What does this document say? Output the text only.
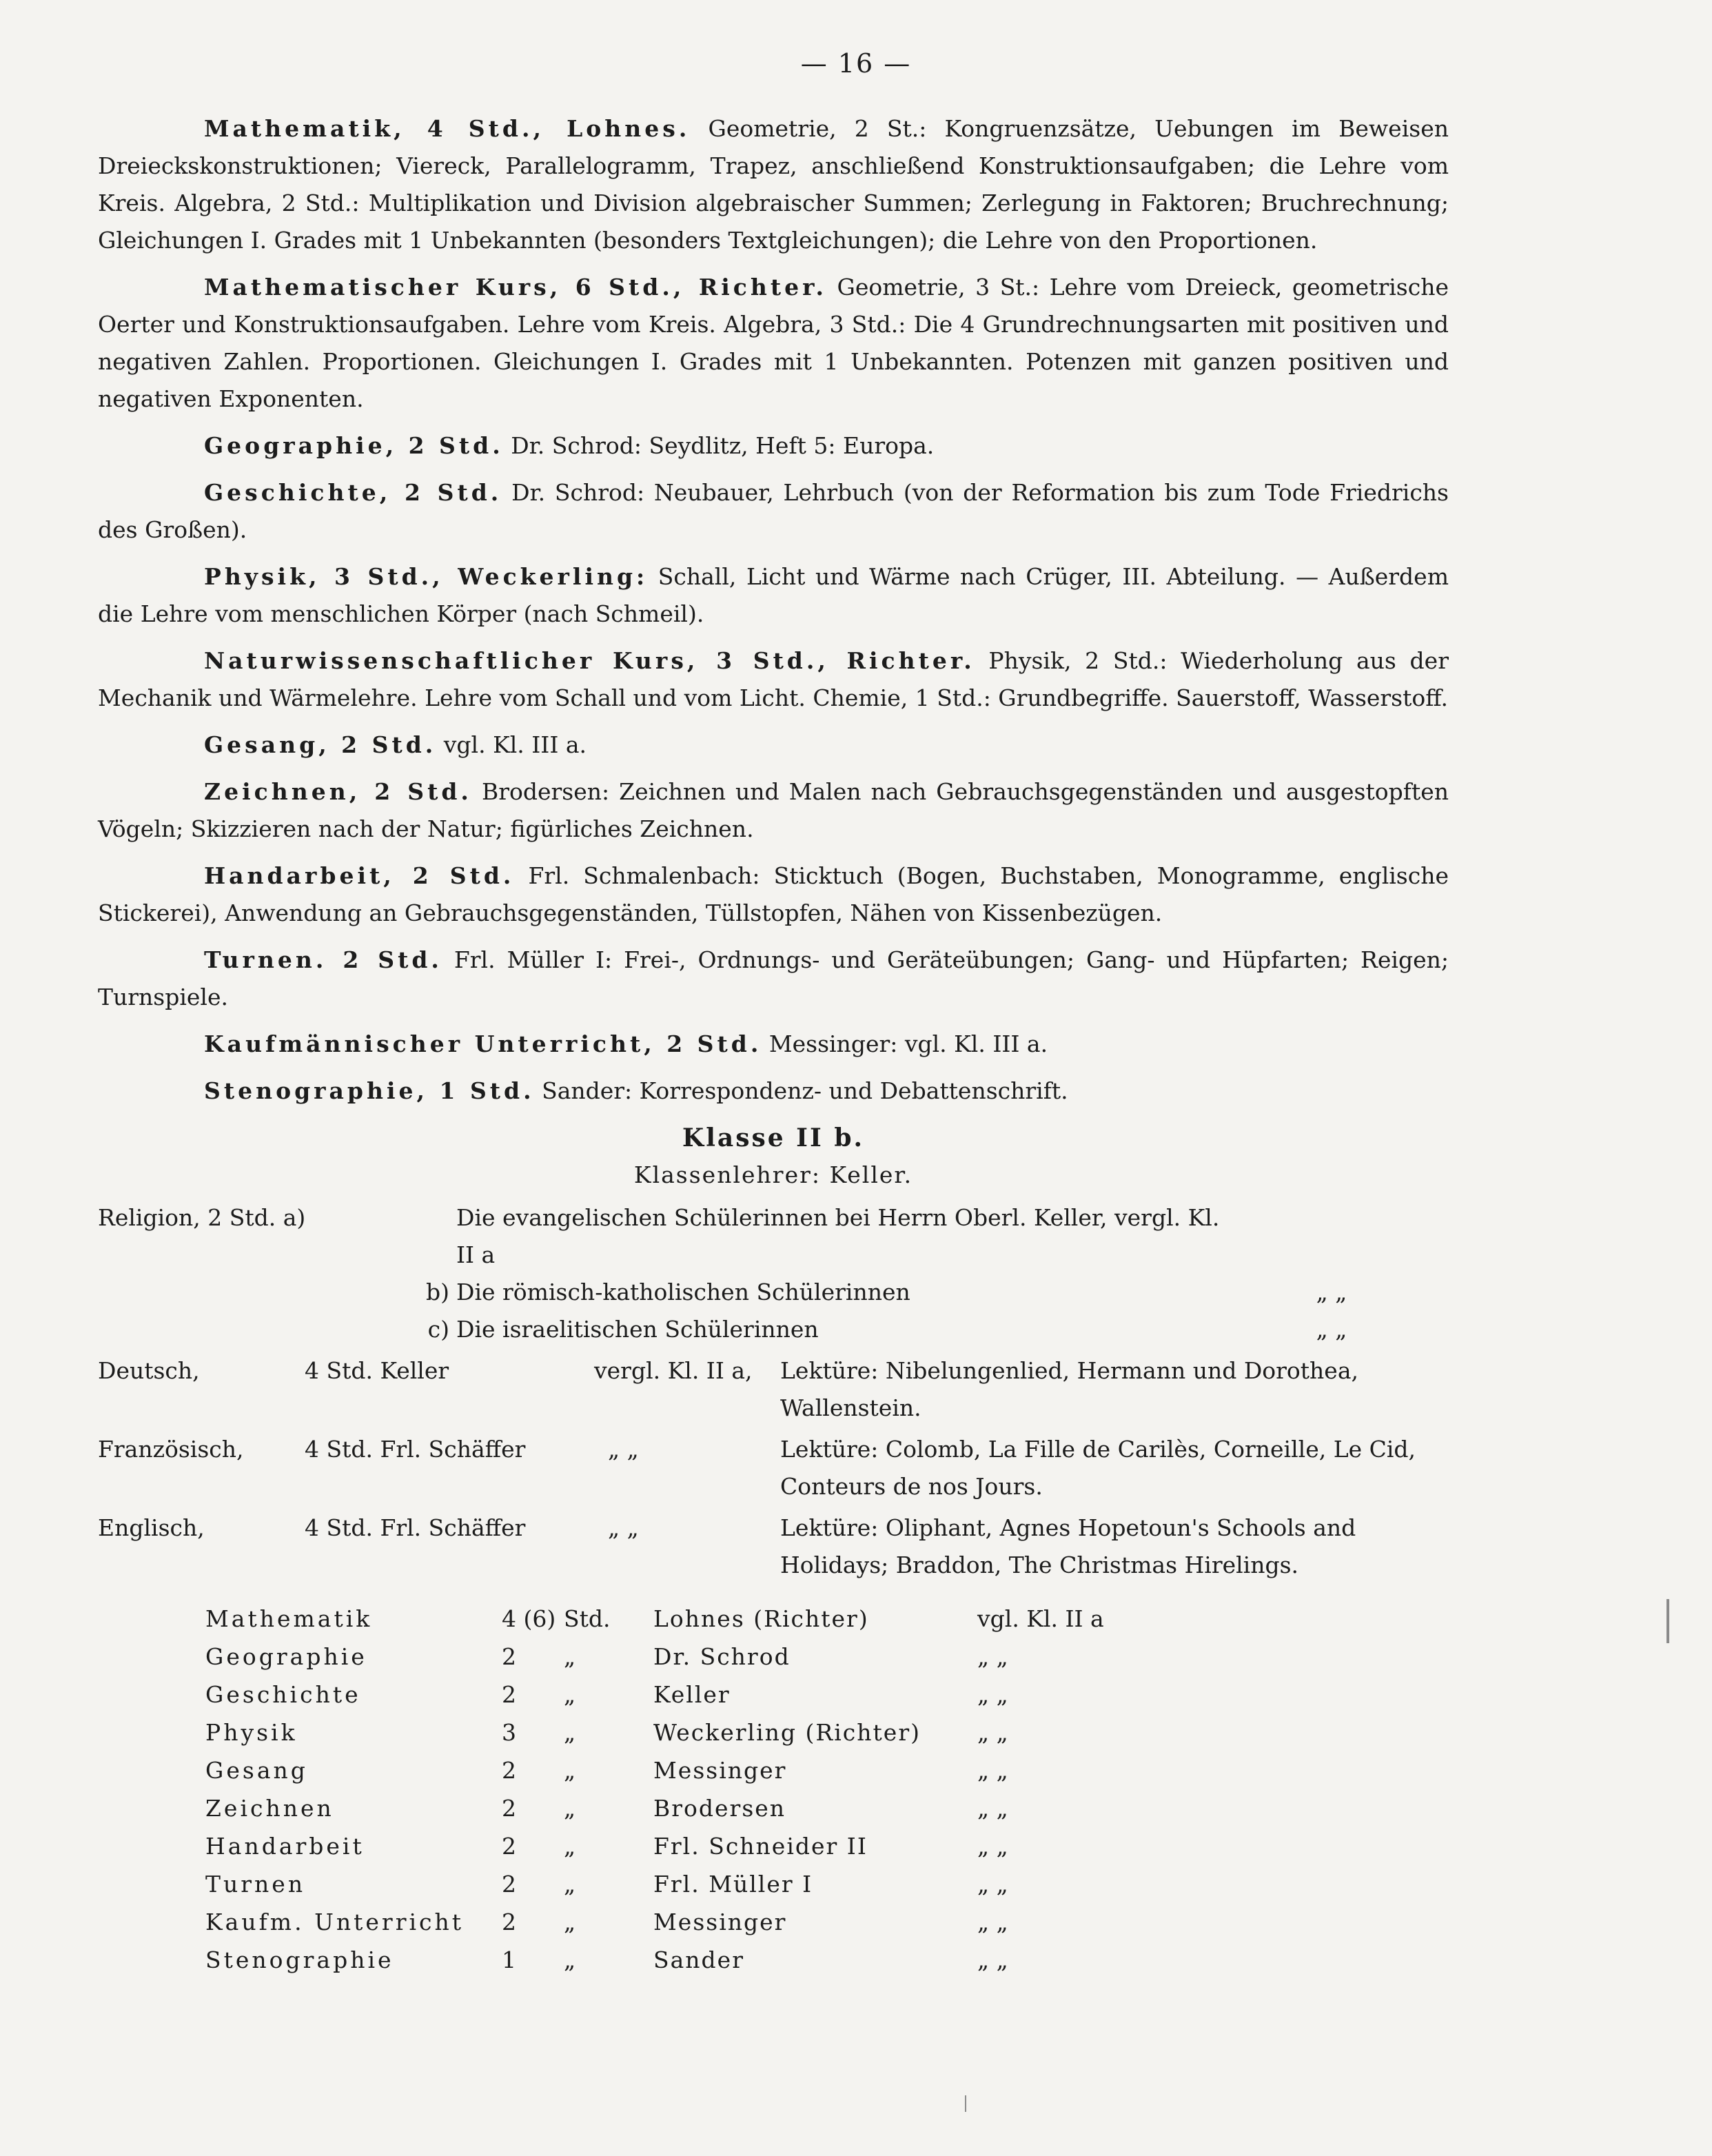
— 16 —

Mathematik, 4 Std., Lohnes. Geometrie, 2 St.: Kongruenzsätze, Uebungen im Beweisen Dreieckskonstruktionen; Viereck, Parallelogramm, Trapez, anschließend Konstruktionsaufgaben; die Lehre vom Kreis. Algebra, 2 Std.: Multiplikation und Division algebraischer Summen; Zerlegung in Faktoren; Bruchrechnung; Gleichungen I. Grades mit 1 Unbekannten (besonders Textgleichungen); die Lehre von den Proportionen.

Mathematischer Kurs, 6 Std., Richter. Geometrie, 3 St.: Lehre vom Dreieck, geometrische Oerter und Konstruktionsaufgaben. Lehre vom Kreis. Algebra, 3 Std.: Die 4 Grundrechnungsarten mit positiven und negativen Zahlen. Proportionen. Gleichungen I. Grades mit 1 Unbekannten. Potenzen mit ganzen positiven und negativen Exponenten.

Geographie, 2 Std. Dr. Schrod: Seydlitz, Heft 5: Europa.

Geschichte, 2 Std. Dr. Schrod: Neubauer, Lehrbuch (von der Reformation bis zum Tode Friedrichs des Großen).

Physik, 3 Std., Weckerling: Schall, Licht und Wärme nach Crüger, III. Abteilung. — Außerdem die Lehre vom menschlichen Körper (nach Schmeil).

Naturwissenschaftlicher Kurs, 3 Std., Richter. Physik, 2 Std.: Wiederholung aus der Mechanik und Wärmelehre. Lehre vom Schall und vom Licht. Chemie, 1 Std.: Grundbegriffe. Sauerstoff, Wasserstoff.

Gesang, 2 Std. vgl. Kl. III a.

Zeichnen, 2 Std. Brodersen: Zeichnen und Malen nach Gebrauchsgegenständen und ausgestopften Vögeln; Skizzieren nach der Natur; figürliches Zeichnen.

Handarbeit, 2 Std. Frl. Schmalenbach: Sticktuch (Bogen, Buchstaben, Monogramme, englische Stickerei), Anwendung an Gebrauchsgegenständen, Tüllstopfen, Nähen von Kissenbezügen.

Turnen. 2 Std. Frl. Müller I: Frei-, Ordnungs- und Geräteübungen; Gang- und Hüpfarten; Reigen; Turnspiele.

Kaufmännischer Unterricht, 2 Std. Messinger: vgl. Kl. III a.

Stenographie, 1 Std. Sander: Korrespondenz- und Debattenschrift.

Klasse II b.
Klassenlehrer: Keller.
Religion, 2 Std. a)	Die evangelischen Schülerinnen bei Herrn Oberl. Keller, vergl. Kl. II a
b) Die römisch-katholischen Schülerinnen	„ „
c) Die israelitischen Schülerinnen	„ „
Deutsch,	4 Std. Keller	vergl. Kl. II a,	Lektüre: Nibelungenlied, Hermann und Dorothea, Wallenstein.
Französisch,	4 Std. Frl. Schäffer	„ „	Lektüre: Colomb, La Fille de Carilès, Corneille, Le Cid, Conteurs de nos Jours.
Englisch,	4 Std. Frl. Schäffer	„ „	Lektüre: Oliphant, Agnes Hopetoun's Schools and Holidays; Braddon, The Christmas Hirelings.
Mathematik	4 (6)	Std.	Lohnes (Richter)	vgl. Kl. II a
Geographie	2	„	Dr. Schrod	„ „
Geschichte	2	„	Keller	„ „
Physik	3	„	Weckerling (Richter)	„ „
Gesang	2	„	Messinger	„ „
Zeichnen	2	„	Brodersen	„ „
Handarbeit	2	„	Frl. Schneider II	„ „
Turnen	2	„	Frl. Müller I	„ „
Kaufm. Unterricht	2	„	Messinger	„ „
Stenographie	1	„	Sander	„ „
